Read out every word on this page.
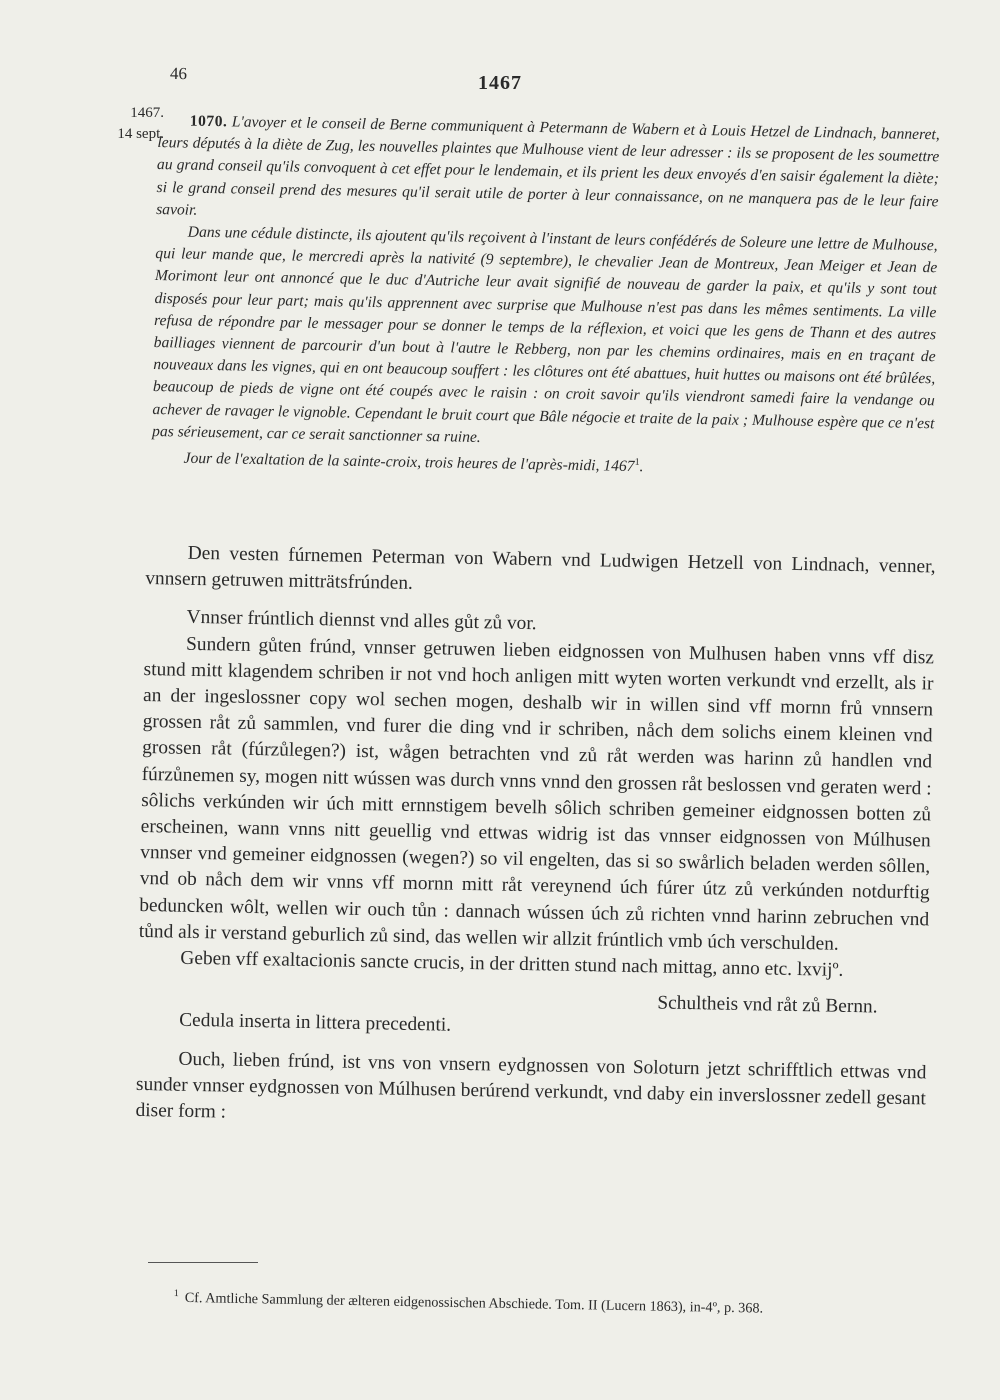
46	1467
1467.
14 sept.

1070. L'avoyer et le conseil de Berne communiquent à Petermann de Wabern et à Louis Hetzel de Lindnach, banneret, leurs députés à la diète de Zug, les nouvelles plaintes que Mulhouse vient de leur adresser : ils se proposent de les soumettre au grand conseil qu'ils convoquent à cet effet pour le lendemain, et ils prient les deux envoyés d'en saisir également la diète; si le grand conseil prend des mesures qu'il serait utile de porter à leur connaissance, on ne manquera pas de le leur faire savoir.

Dans une cédule distincte, ils ajoutent qu'ils reçoivent à l'instant de leurs confédérés de Soleure une lettre de Mulhouse, qui leur mande que, le mercredi après la nativité (9 septembre), le chevalier Jean de Montreux, Jean Meiger et Jean de Morimont leur ont annoncé que le duc d'Autriche leur avait signifié de nouveau de garder la paix, et qu'ils y sont tout disposés pour leur part; mais qu'ils apprennent avec surprise que Mulhouse n'est pas dans les mêmes sentiments. La ville refusa de répondre par le messager pour se donner le temps de la réflexion, et voici que les gens de Thann et des autres bailliages viennent de parcourir d'un bout à l'autre le Rebberg, non par les chemins ordinaires, mais en en traçant de nouveaux dans les vignes, qui en ont beaucoup souffert : les clôtures ont été abattues, huit huttes ou maisons ont été brûlées, beaucoup de pieds de vigne ont été coupés avec le raisin : on croit savoir qu'ils viendront samedi faire la vendange ou achever de ravager le vignoble. Cependant le bruit court que Bâle négocie et traite de la paix ; Mulhouse espère que ce n'est pas sérieusement, car ce serait sanctionner sa ruine.

Jour de l'exaltation de la sainte-croix, trois heures de l'après-midi, 1467$^1$.

Den vesten fúrnemen Peterman von Wabern vnd Ludwigen Hetzell von Lindnach, venner, vnnsern getruwen mitträtsfrúnden.

Vnnser frúntlich diennst vnd alles gůt zů vor.

Sundern gůten frúnd, vnnser getruwen lieben eidgnossen von Mulhusen haben vnns vff disz stund mitt klagendem schriben ir not vnd hoch anligen mitt wyten worten verkundt vnd erzellt, als ir an der ingeslossner copy wol sechen mogen, deshalb wir in willen sind vff mornn frů vnnsern grossen råt zů sammlen, vnd furer die ding vnd ir schriben, nåch dem solichs einem kleinen vnd grossen råt (fúrzůlegen?) ist, wågen betrachten vnd zů råt werden was harinn zů handlen vnd fúrzůnemen sy, mogen nitt wússen was durch vnns vnnd den grossen råt beslossen vnd geraten werd : sôlichs verkúnden wir úch mitt ernnstigem bevelh sôlich schriben gemeiner eidgnossen botten zů erscheinen, wann vnns nitt geuellig vnd ettwas widrig ist das vnnser eidgnossen von Múlhusen vnnser vnd gemeiner eidgnossen (wegen?) so vil engelten, das si so swårlich beladen werden sôllen, vnd ob nåch dem wir vnns vff mornn mitt råt vereynend úch fúrer útz zů verkúnden notdurftig beduncken wôlt, wellen wir ouch tůn : dannach wússen úch zů richten vnnd harinn zebruchen vnd tůnd als ir verstand geburlich zů sind, das wellen wir allzit frúntlich vmb úch verschulden.

Geben vff exaltacionis sancte crucis, in der dritten stund nach mittag, anno etc. lxvijº.

Schultheis vnd råt zů Bernn.

Cedula inserta in littera precedenti.

Ouch, lieben frúnd, ist vns von vnsern eydgnossen von Soloturn jetzt schrifftlich ettwas vnd sunder vnnser eydgnossen von Múlhusen berúrend verkundt, vnd daby ein inverslossner zedell gesant diser form :

$^1$ Cf. Amtliche Sammlung der ælteren eidgenossischen Abschiede. Tom. II (Lucern 1863), in-4º, p. 368.
